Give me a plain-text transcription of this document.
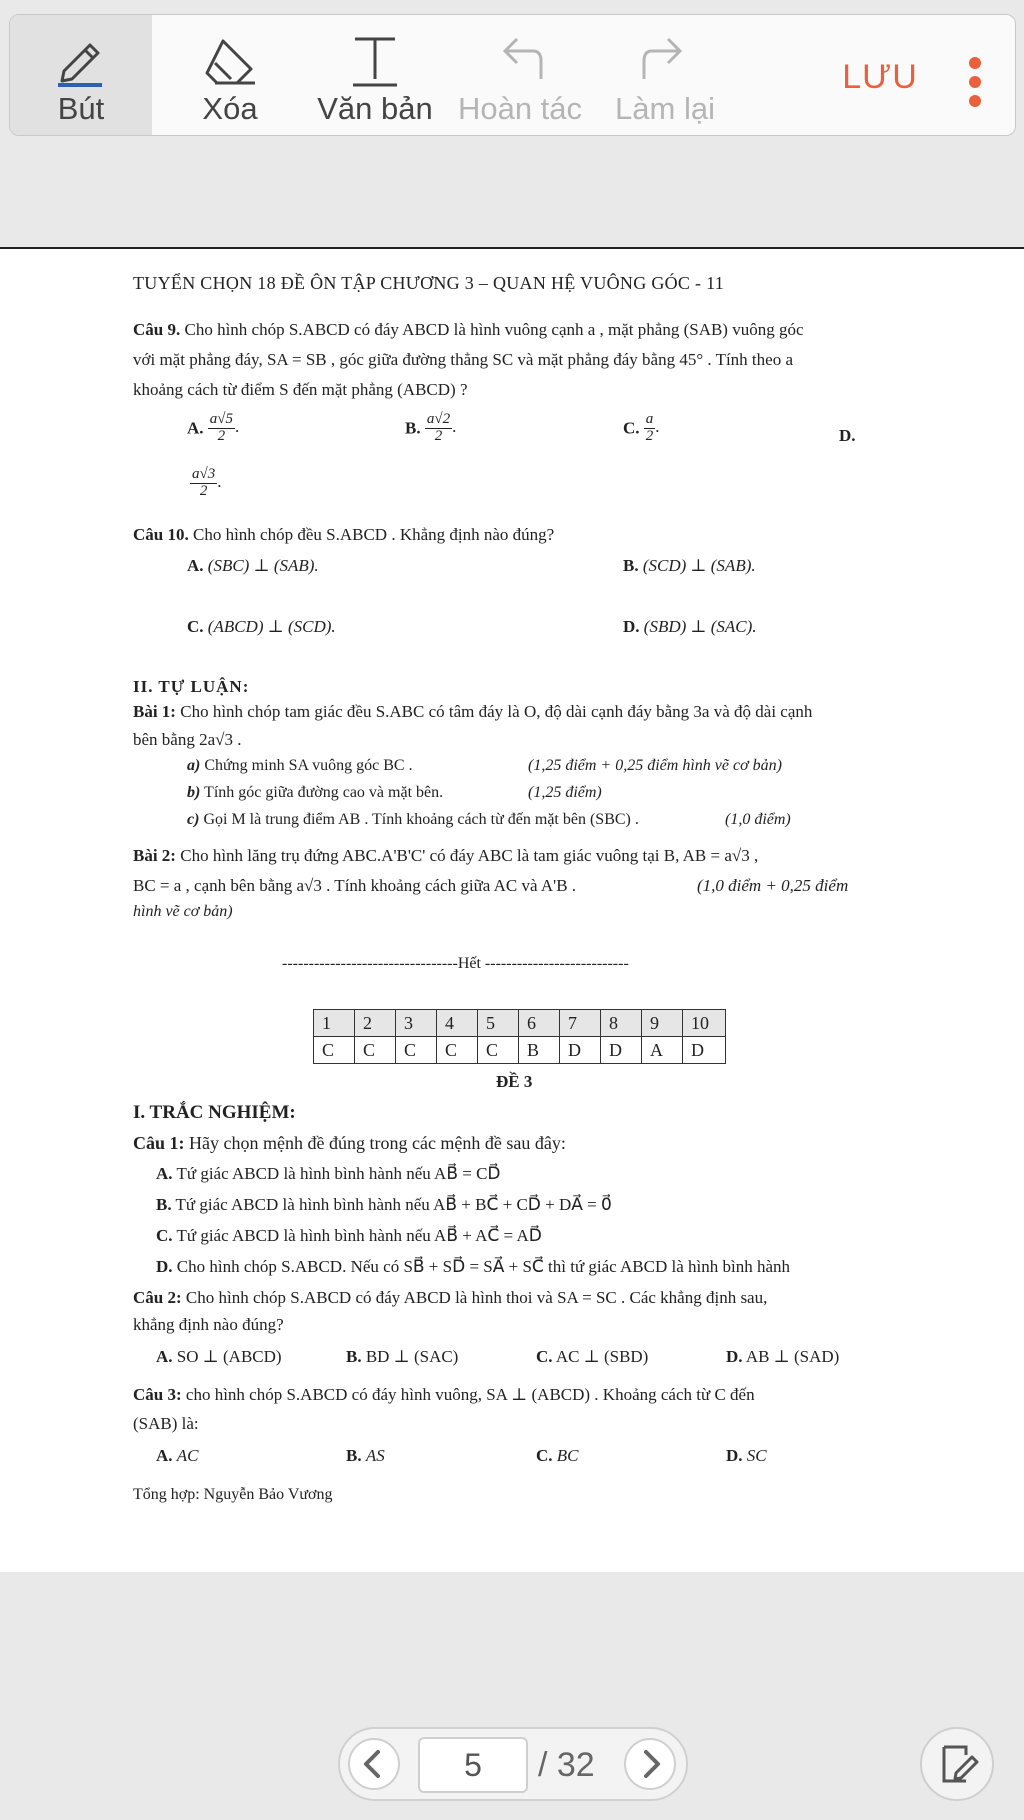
Bút	Xóa	Văn bản Hoàn tác	Làm lại
LƯU
TUYỂN CHỌN 18 ĐỀ ÔN TẬP CHƯƠNG 3 – QUAN HỆ VUÔNG GÓC - 11
Câu 9. Cho hình chóp S.ABCD có đáy ABCD là hình vuông cạnh a , mặt phẳng (SAB) vuông góc
với mặt phẳng đáy, SA = SB , góc giữa đường thẳng SC và mặt phẳng đáy bằng 45° . Tính theo a
khoảng cách từ điểm S đến mặt phẳng (ABCD) ?
A. $\frac{a√5}{2}$ .	B. $\frac{a√2}{2}$ .	C. $\frac{a}{2}$ .	D.
$\frac{a√3}{2}$ .
Câu 10. Cho hình chóp đều S.ABCD . Khẳng định nào đúng?
A. (SBC) ⊥ (SAB).	B. (SCD) ⊥ (SAB).
C. (ABCD) ⊥ (SCD).	D. (SBD) ⊥ (SAC).
II. TỰ LUẬN:
Bài 1: Cho hình chóp tam giác đều S.ABC có tâm đáy là O, độ dài cạnh đáy bằng 3a và độ dài cạnh
bên bằng 2a√3 .
a) Chứng minh SA vuông góc BC .	(1,25 điểm + 0,25 điểm hình vẽ cơ bản)
b) Tính góc giữa đường cao và mặt bên.	(1,25 điểm)
c) Gọi M là trung điểm AB . Tính khoảng cách từ đến mặt bên (SBC) .	(1,0 điểm)
Bài 2: Cho hình lăng trụ đứng ABC.A'B'C' có đáy ABC là tam giác vuông tại B, AB = a√3 ,
BC = a , cạnh bên bằng a√3 . Tính khoảng cách giữa AC và A'B .	(1,0 điểm + 0,25 điểm
hình vẽ cơ bản)
---------------------------------Hết ---------------------------
1	2	3	4	5	6	7	8	9	10
C	C	C	C	C	B	D	D	A	D
ĐỀ 3
I. TRẮC NGHIỆM:
Câu 1: Hãy chọn mệnh đề đúng trong các mệnh đề sau đây:
A. Tứ giác ABCD là hình bình hành nếu AB⃗ = CD⃗
B. Tứ giác ABCD là hình bình hành nếu AB⃗ + BC⃗ + CD⃗ + DA⃗ = 0⃗
C. Tứ giác ABCD là hình bình hành nếu AB⃗ + AC⃗ = AD⃗
D. Cho hình chóp S.ABCD. Nếu có SB⃗ + SD⃗ = SA⃗ + SC⃗ thì tứ giác ABCD là hình bình hành
Câu 2: Cho hình chóp S.ABCD có đáy ABCD là hình thoi và SA = SC . Các khẳng định sau,
khẳng định nào đúng?
A. SO ⊥ (ABCD)	B. BD ⊥ (SAC)	C. AC ⊥ (SBD)	D. AB ⊥ (SAD)
Câu 3: cho hình chóp S.ABCD có đáy hình vuông, SA ⊥ (ABCD) . Khoảng cách từ C đến
(SAB) là:
A. AC	B. AS	C. BC	D. SC
Tổng hợp: Nguyễn Bảo Vương
5	/ 32
